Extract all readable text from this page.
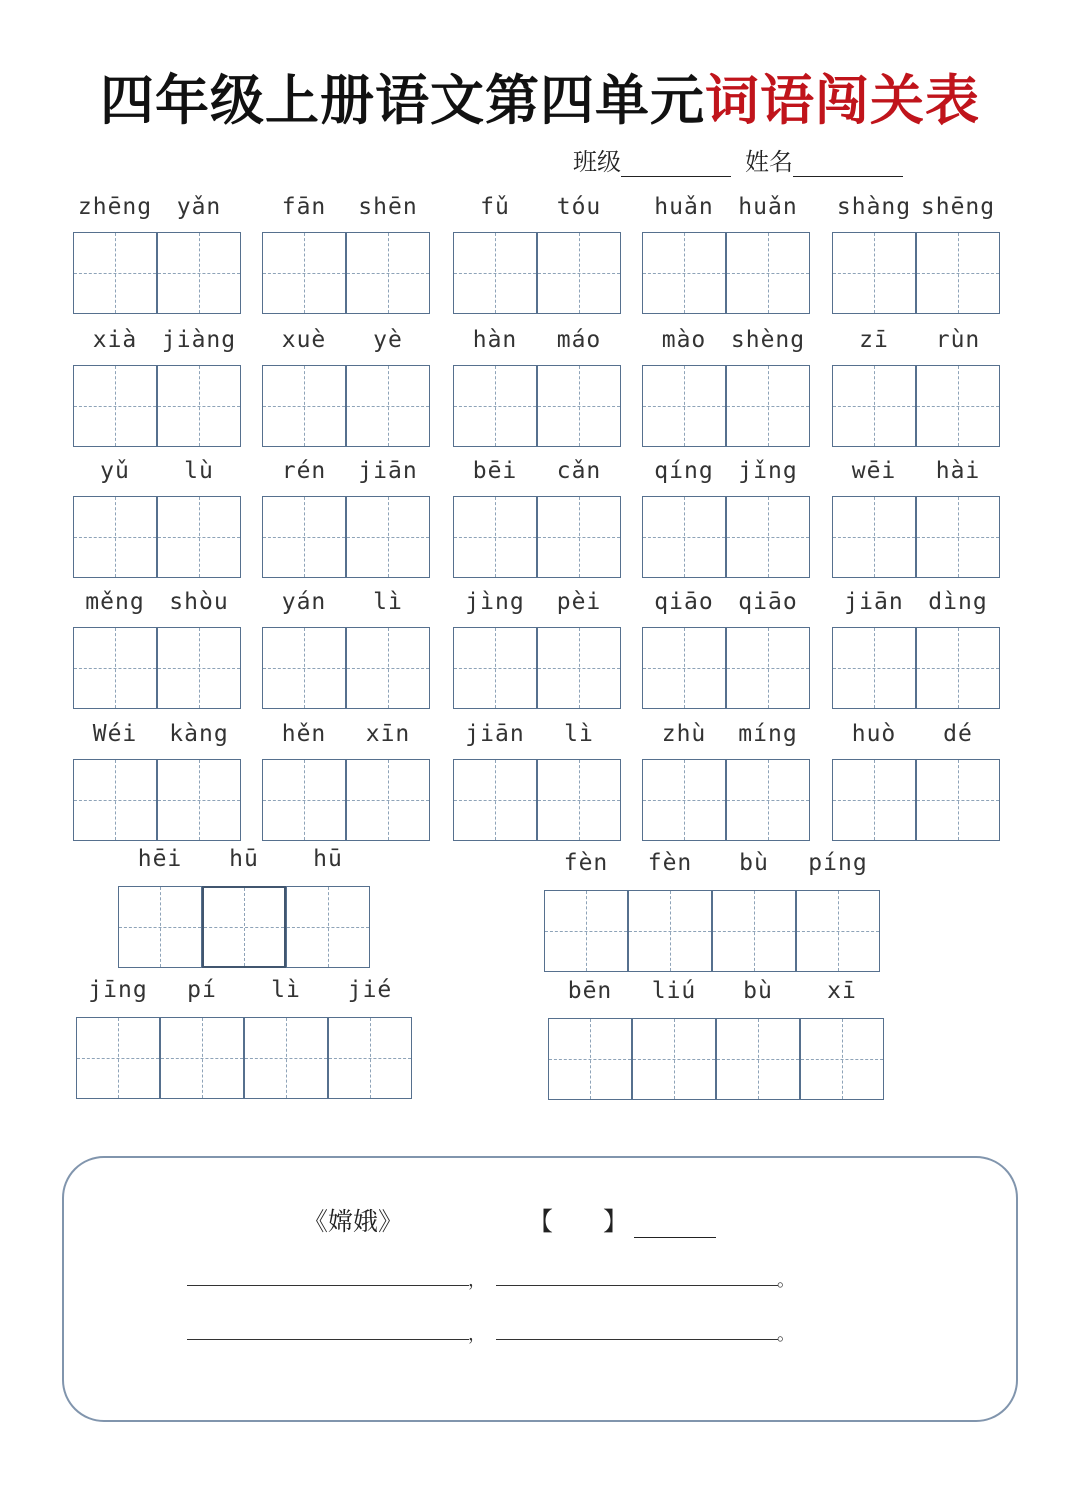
四年级上册语文第四单元词语闯关表
班级	姓名
zhēng	yǎn	fān	shēn	fǔ	tóu	huǎn	huǎn	shàng shēng
xià	jiàng	xuè	yè	hàn	máo	mào	shèng	zī	rùn
yǔ	lù	rén	jiān	bēi	cǎn	qíng	jǐng	wēi	hài
měng	shòu	yán	lì	jìng	pèi	qiāo	qiāo	jiān	dìng
Wéi	kàng	hěn	xīn	jiān	lì	zhù	míng	huò	dé
hēi	hū	hū	fèn	fèn	bù	píng
jīng	pí	lì	jié	bēn	liú	bù	xī
《嫦娥》	【　　】
，	。
，	。
